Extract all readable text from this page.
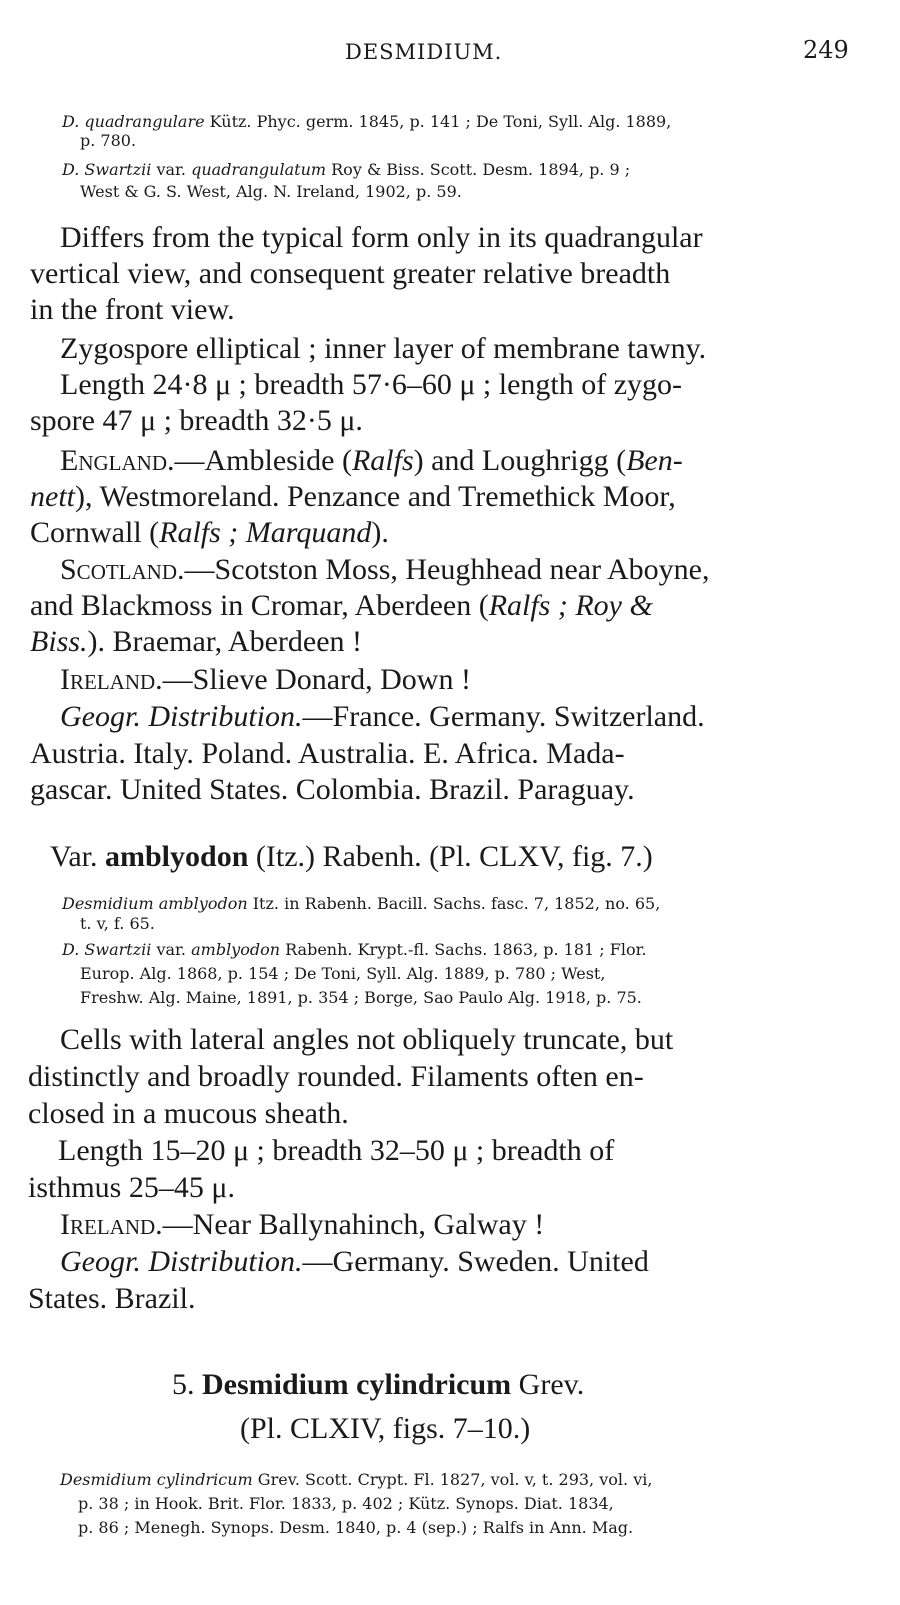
DESMIDIUM.	249
D. quadrangulare Kütz. Phyc. germ. 1845, p. 141 ; De Toni, Syll. Alg. 1889,
p. 780.
D. Swartzii var. quadrangulatum Roy & Biss. Scott. Desm. 1894, p. 9 ;
West & G. S. West, Alg. N. Ireland, 1902, p. 59.
Differs from the typical form only in its quadrangular
vertical view, and consequent greater relative breadth
in the front view.
Zygospore elliptical ; inner layer of membrane tawny.
Length 24·8 μ ; breadth 57·6–60 μ ; length of zygo-
spore 47 μ ; breadth 32·5 μ.
England.—Ambleside (Ralfs) and Loughrigg (Ben-
nett), Westmoreland. Penzance and Tremethick Moor,
Cornwall (Ralfs ; Marquand).
Scotland.—Scotston Moss, Heughhead near Aboyne,
and Blackmoss in Cromar, Aberdeen (Ralfs ; Roy &
Biss.). Braemar, Aberdeen !
Ireland.—Slieve Donard, Down !
Geogr. Distribution.—France. Germany. Switzerland.
Austria. Italy. Poland. Australia. E. Africa. Mada-
gascar. United States. Colombia. Brazil. Paraguay.
Var. amblyodon (Itz.) Rabenh. (Pl. CLXV, fig. 7.)
Desmidium amblyodon Itz. in Rabenh. Bacill. Sachs. fasc. 7, 1852, no. 65,
t. v, f. 65.
D. Swartzii var. amblyodon Rabenh. Krypt.-fl. Sachs. 1863, p. 181 ; Flor.
Europ. Alg. 1868, p. 154 ; De Toni, Syll. Alg. 1889, p. 780 ; West,
Freshw. Alg. Maine, 1891, p. 354 ; Borge, Sao Paulo Alg. 1918, p. 75.
Cells with lateral angles not obliquely truncate, but
distinctly and broadly rounded. Filaments often en-
closed in a mucous sheath.
Length 15–20 μ ; breadth 32–50 μ ; breadth of
isthmus 25–45 μ.
Ireland.—Near Ballynahinch, Galway !
Geogr. Distribution.—Germany. Sweden. United
States. Brazil.
5. Desmidium cylindricum Grev.
(Pl. CLXIV, figs. 7–10.)
Desmidium cylindricum Grev. Scott. Crypt. Fl. 1827, vol. v, t. 293, vol. vi,
p. 38 ; in Hook. Brit. Flor. 1833, p. 402 ; Kütz. Synops. Diat. 1834,
p. 86 ; Menegh. Synops. Desm. 1840, p. 4 (sep.) ; Ralfs in Ann. Mag.
